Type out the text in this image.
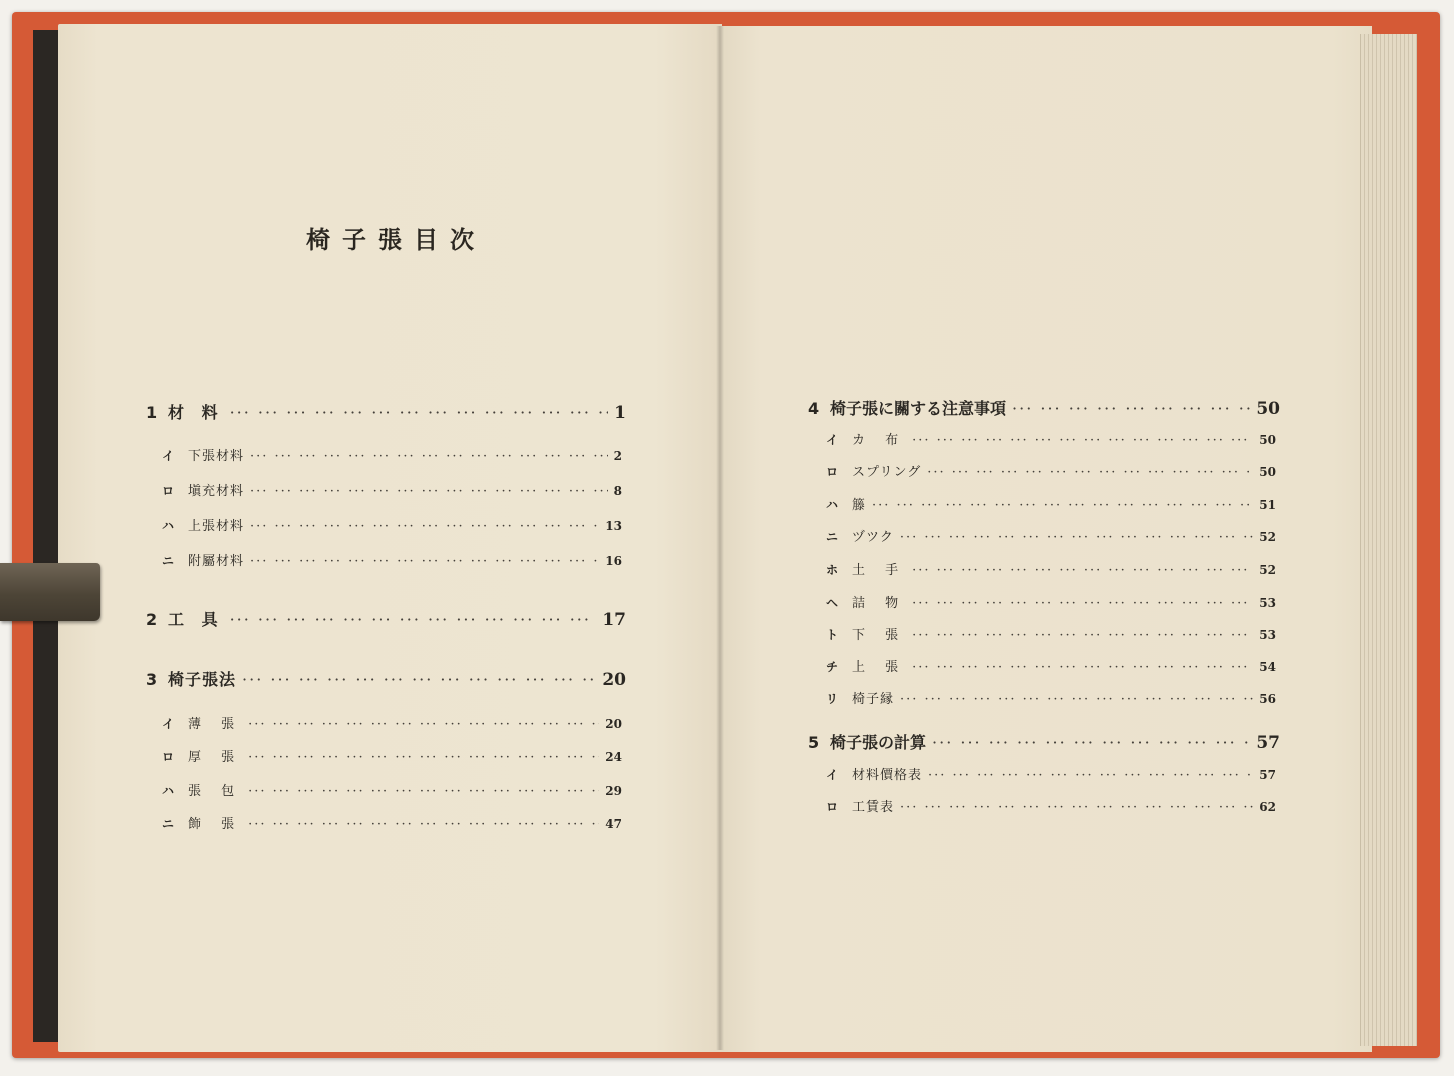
椅子張目次
1 材 料 ··· ·	1
イ	下張材料 ··· ·	2
ロ	塡充材料 ··· ·	8
ハ	上張材料 ··· ·	13
ニ	附屬材料 ··· ·	16
2 工 具 ··· ·	17
3 椅子張法 ··· ·	20
イ	薄 張 ··· ·	20
ロ	厚 張 ··· ·	24
ハ	張 包 ··· ·	29
ニ	飾 張 ··· ·	47
4 椅子張に關する注意事項 ··· ·	50
イ	カ 布 ··· ·	50
ロ	スプリング ··· ·	50
ハ	籐 ··· ·	51
ニ	ヅツク ··· ·	52
ホ	土 手 ··· ·	52
ヘ	詰 物 ··· ·	53
ト	下 張 ··· ·	53
チ	上 張 ··· ·	54
リ	椅子縁 ··· ·	56
5 椅子張の計算 ··· ·	57
イ	材料價格表 ··· ·	57
ロ	工賃表 ··· ·	62
